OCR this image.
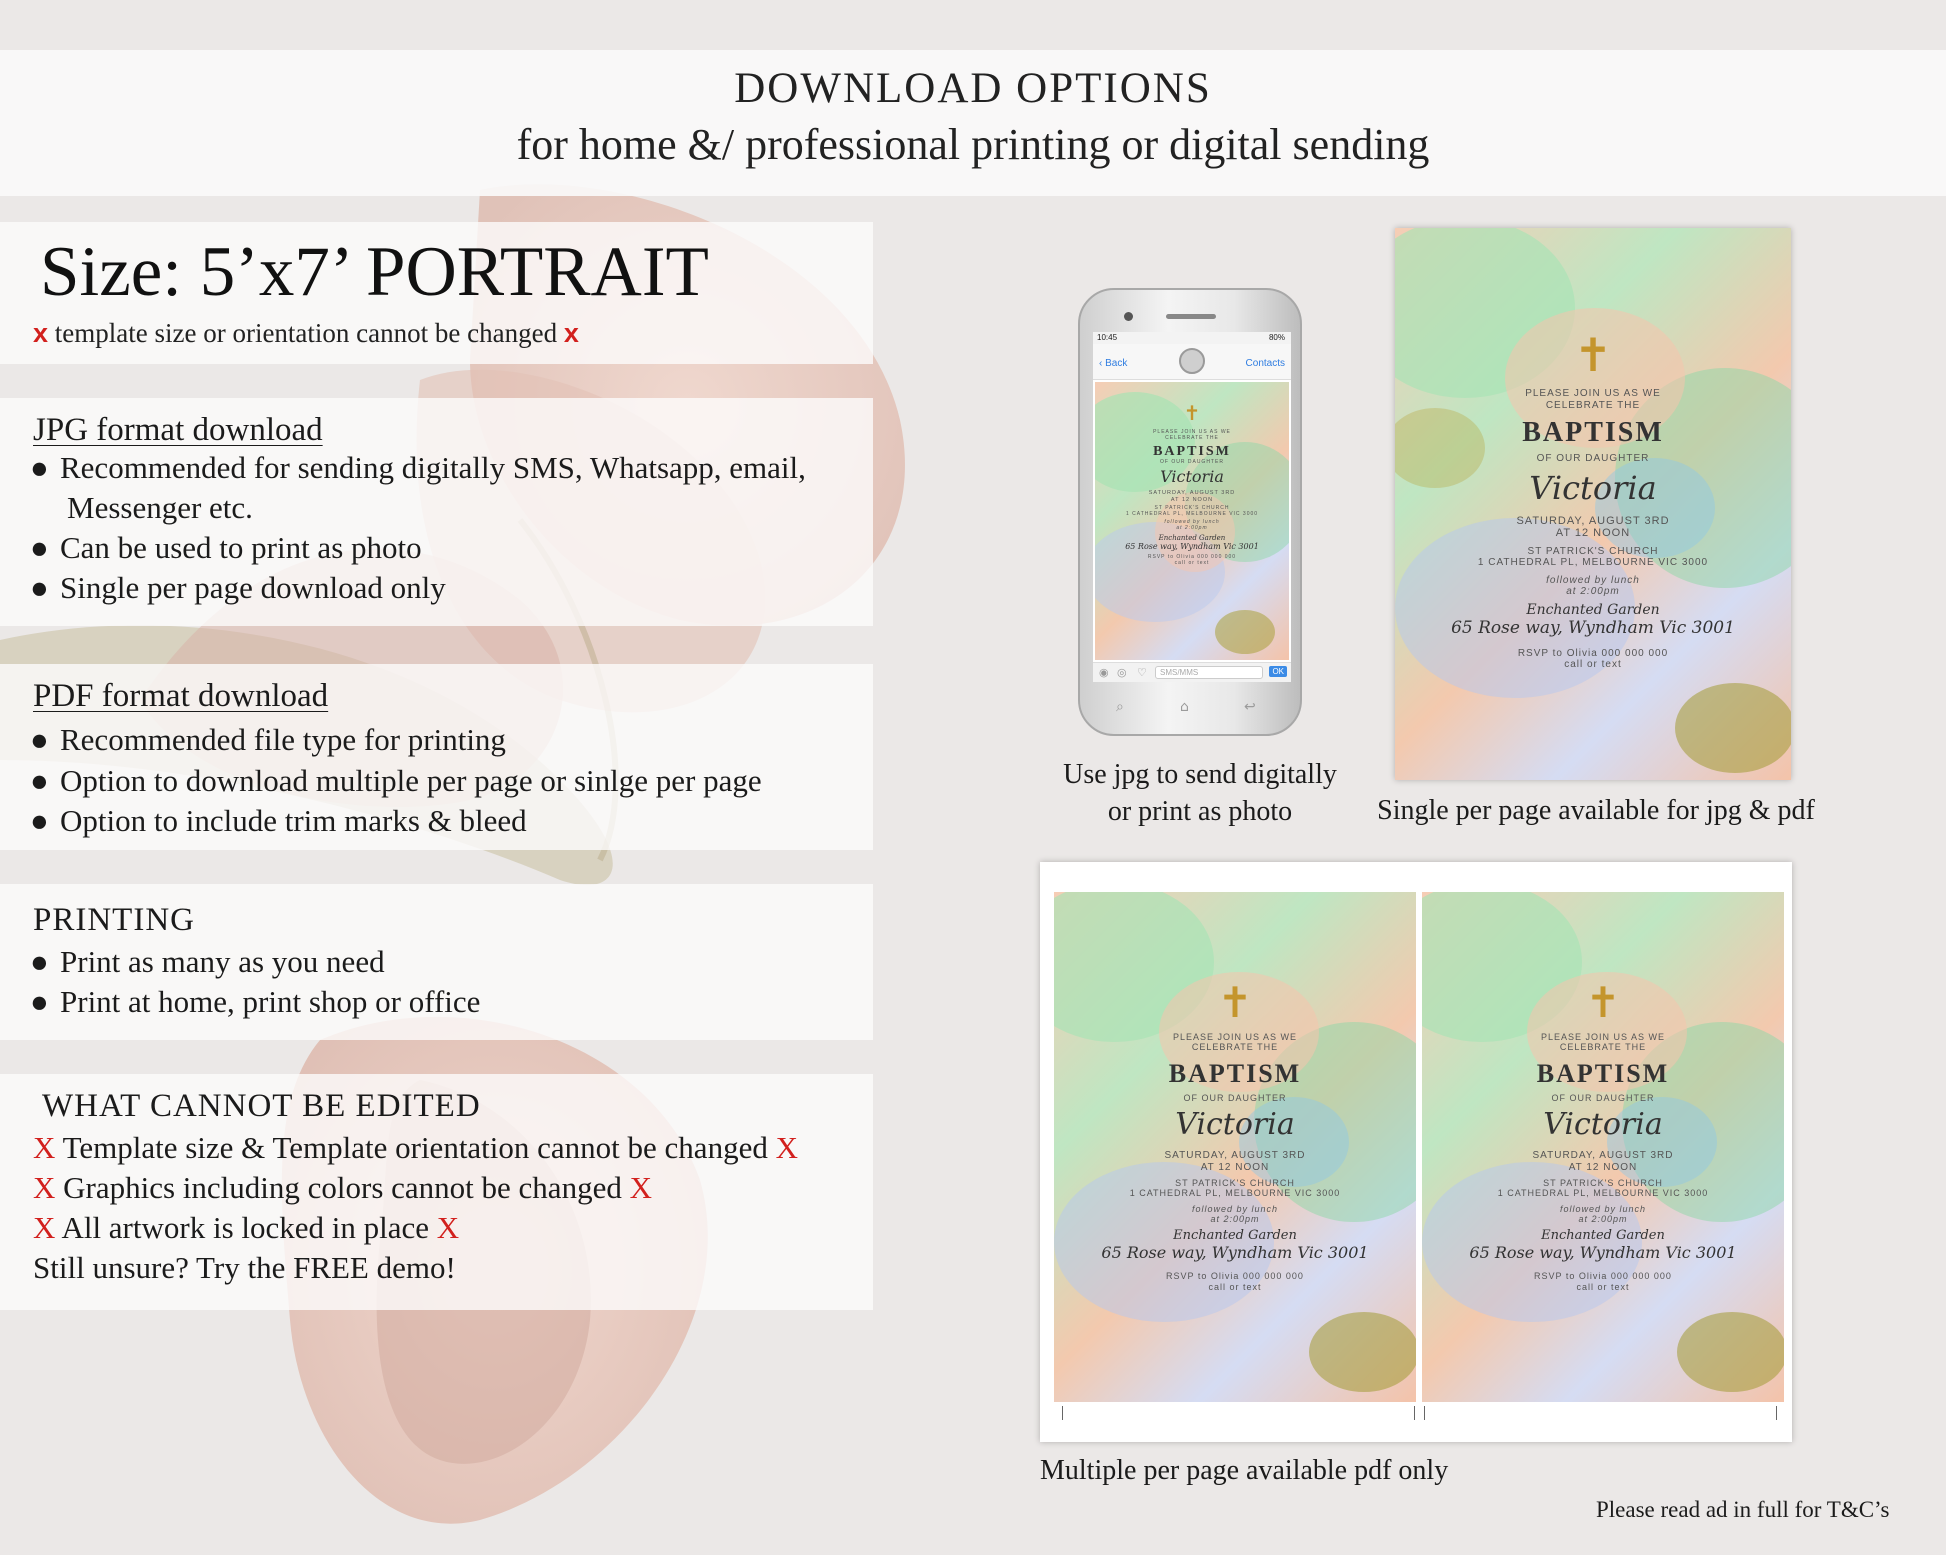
DOWNLOAD OPTIONS
for home &/ professional printing or digital sending
Size: 5’x7’ PORTRAIT
x template size or orientation cannot be changed x
JPG format download
● Recommended for sending digitally SMS, Whatsapp, email,
Messenger etc.
● Can be used to print as photo
● Single per page download only
PDF format download
● Recommended file type for printing
● Option to download multiple per page or sinlge per page
● Option to include trim marks & bleed
PRINTING
● Print as many as you need
● Print at home, print shop or office
WHAT CANNOT BE EDITED
X Template size & Template orientation cannot be changed X
X Graphics including colors cannot be changed X
X All artwork is locked in place X
Still unsure? Try the FREE demo!
10:45	80%
‹ Back	Contacts
✝
PLEASE JOIN US AS WE
CELEBRATE THE
BAPTISM
OF OUR DAUGHTER
Victoria
SATURDAY, AUGUST 3RD
AT 12 NOON
ST PATRICK'S CHURCH
1 CATHEDRAL PL, MELBOURNE VIC 3000
followed by lunch
at 2:00pm
Enchanted Garden
65 Rose way, Wyndham Vic 3001
RSVP to Olivia 000 000 000
call or text
◉ ◎ ♡	SMS/MMS	OK
⌕	⌂	↩
Use jpg to send digitally
or print as photo
✝
PLEASE JOIN US AS WE
CELEBRATE THE
BAPTISM
OF OUR DAUGHTER
Victoria
SATURDAY, AUGUST 3RD
AT 12 NOON
ST PATRICK'S CHURCH
1 CATHEDRAL PL, MELBOURNE VIC 3000
followed by lunch
at 2:00pm
Enchanted Garden
65 Rose way, Wyndham Vic 3001
RSVP to Olivia 000 000 000
call or text
Single per page available for jpg & pdf
✝
PLEASE JOIN US AS WE
CELEBRATE THE
BAPTISM
OF OUR DAUGHTER
Victoria
SATURDAY, AUGUST 3RD
AT 12 NOON
ST PATRICK'S CHURCH
1 CATHEDRAL PL, MELBOURNE VIC 3000
followed by lunch
at 2:00pm
Enchanted Garden
65 Rose way, Wyndham Vic 3001
RSVP to Olivia 000 000 000
call or text
✝
PLEASE JOIN US AS WE
CELEBRATE THE
BAPTISM
OF OUR DAUGHTER
Victoria
SATURDAY, AUGUST 3RD
AT 12 NOON
ST PATRICK'S CHURCH
1 CATHEDRAL PL, MELBOURNE VIC 3000
followed by lunch
at 2:00pm
Enchanted Garden
65 Rose way, Wyndham Vic 3001
RSVP to Olivia 000 000 000
call or text
Multiple per page available pdf only
Please read ad in full for T&C’s
